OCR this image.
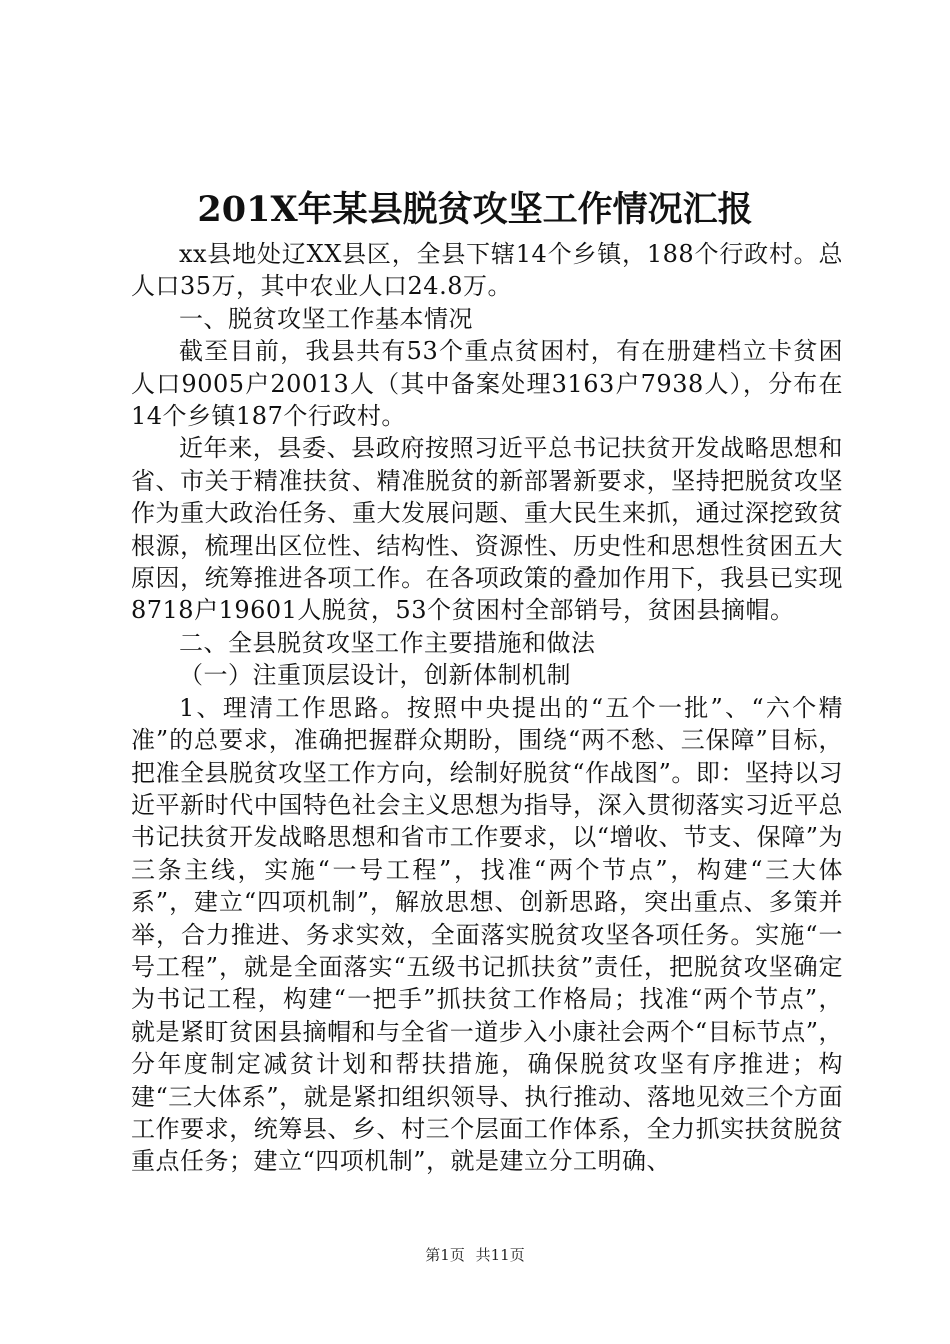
201X年某县脱贫攻坚工作情况汇报

xx县地处辽XX县区，全县下辖14个乡镇，188个行政村。总人口35万，其中农业人口24.8万。

一、脱贫攻坚工作基本情况

截至目前，我县共有53个重点贫困村，有在册建档立卡贫困人口9005户20013人（其中备案处理3163户7938人），分布在14个乡镇187个行政村。

近年来，县委、县政府按照习近平总书记扶贫开发战略思想和省、市关于精准扶贫、精准脱贫的新部署新要求，坚持把脱贫攻坚作为重大政治任务、重大发展问题、重大民生来抓，通过深挖致贫根源，梳理出区位性、结构性、资源性、历史性和思想性贫困五大原因，统筹推进各项工作。在各项政策的叠加作用下，我县已实现8718户19601人脱贫，53个贫困村全部销号，贫困县摘帽。

二、全县脱贫攻坚工作主要措施和做法

（一）注重顶层设计，创新体制机制

1、理清工作思路。按照中央提出的“五个一批”、“六个精准”的总要求，准确把握群众期盼，围绕“两不愁、三保障”目标，把准全县脱贫攻坚工作方向，绘制好脱贫“作战图”。即：坚持以习近平新时代中国特色社会主义思想为指导，深入贯彻落实习近平总书记扶贫开发战略思想和省市工作要求，以“增收、节支、保障”为三条主线，实施“一号工程”，找准“两个节点”，构建“三大体系”，建立“四项机制”，解放思想、创新思路，突出重点、多策并举，合力推进、务求实效，全面落实脱贫攻坚各项任务。实施“一号工程”，就是全面落实“五级书记抓扶贫”责任，把脱贫攻坚确定为书记工程，构建“一把手”抓扶贫工作格局；找准“两个节点”，就是紧盯贫困县摘帽和与全省一道步入小康社会两个“目标节点”，分年度制定减贫计划和帮扶措施，确保脱贫攻坚有序推进；构建“三大体系”，就是紧扣组织领导、执行推动、落地见效三个方面工作要求，统筹县、乡、村三个层面工作体系，全力抓实扶贫脱贫重点任务；建立“四项机制”，就是建立分工明确、

第1页 共11页
